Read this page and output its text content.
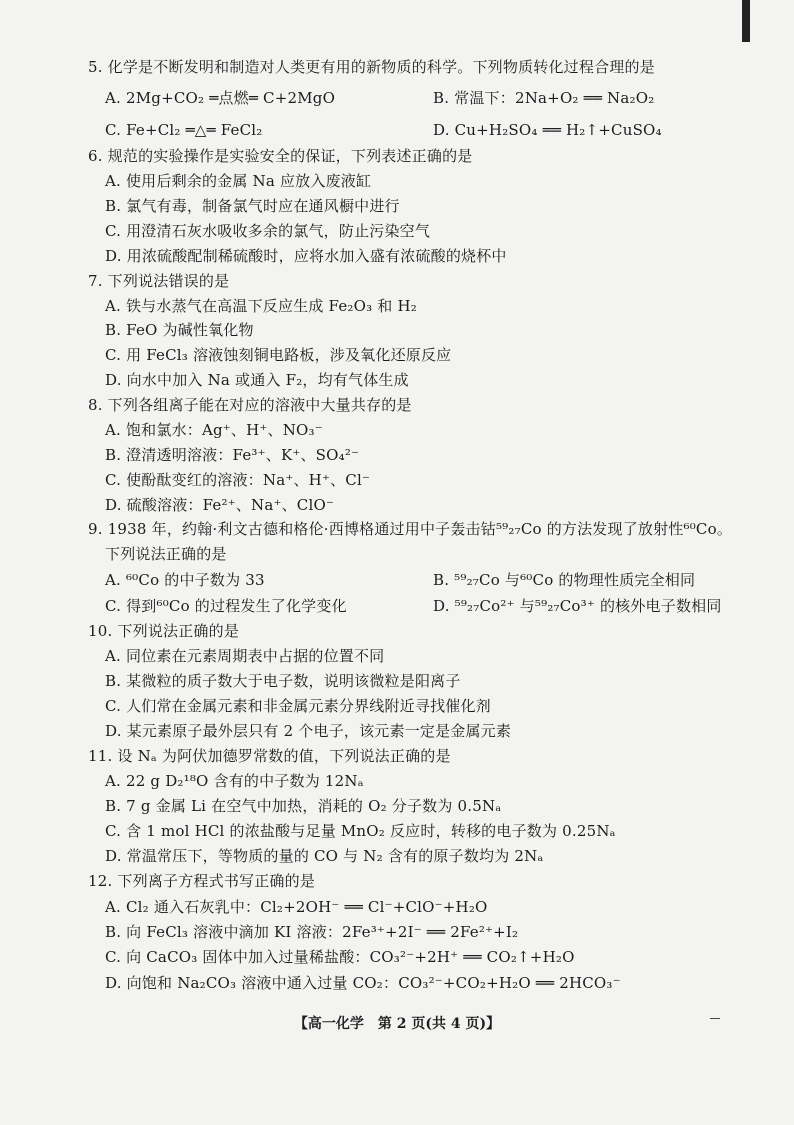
5. 化学是不断发明和制造对人类更有用的新物质的科学。下列物质转化过程合理的是
A. 2Mg+CO₂ ═点燃═ C+2MgO	B. 常温下：2Na+O₂ ══ Na₂O₂
C. Fe+Cl₂ ═△═ FeCl₂	D. Cu+H₂SO₄ ══ H₂↑+CuSO₄
6. 规范的实验操作是实验安全的保证，下列表述正确的是
A. 使用后剩余的金属 Na 应放入废液缸
B. 氯气有毒，制备氯气时应在通风橱中进行
C. 用澄清石灰水吸收多余的氯气，防止污染空气
D. 用浓硫酸配制稀硫酸时，应将水加入盛有浓硫酸的烧杯中
7. 下列说法错误的是
A. 铁与水蒸气在高温下反应生成 Fe₂O₃ 和 H₂
B. FeO 为碱性氧化物
C. 用 FeCl₃ 溶液蚀刻铜电路板，涉及氧化还原反应
D. 向水中加入 Na 或通入 F₂，均有气体生成
8. 下列各组离子能在对应的溶液中大量共存的是
A. 饱和氯水：Ag⁺、H⁺、NO₃⁻
B. 澄清透明溶液：Fe³⁺、K⁺、SO₄²⁻
C. 使酚酞变红的溶液：Na⁺、H⁺、Cl⁻
D. 硫酸溶液：Fe²⁺、Na⁺、ClO⁻
9. 1938 年，约翰·利文古德和格伦·西博格通过用中子轰击钴⁵⁹₂₇Co 的方法发现了放射性⁶⁰Co。
下列说法正确的是
A. ⁶⁰Co 的中子数为 33	B. ⁵⁹₂₇Co 与⁶⁰Co 的物理性质完全相同
C. 得到⁶⁰Co 的过程发生了化学变化	D. ⁵⁹₂₇Co²⁺ 与⁵⁹₂₇Co³⁺ 的核外电子数相同
10. 下列说法正确的是
A. 同位素在元素周期表中占据的位置不同
B. 某微粒的质子数大于电子数，说明该微粒是阳离子
C. 人们常在金属元素和非金属元素分界线附近寻找催化剂
D. 某元素原子最外层只有 2 个电子，该元素一定是金属元素
11. 设 Nₐ 为阿伏加德罗常数的值，下列说法正确的是
A. 22 g D₂¹⁸O 含有的中子数为 12Nₐ
B. 7 g 金属 Li 在空气中加热，消耗的 O₂ 分子数为 0.5Nₐ
C. 含 1 mol HCl 的浓盐酸与足量 MnO₂ 反应时，转移的电子数为 0.25Nₐ
D. 常温常压下，等物质的量的 CO 与 N₂ 含有的原子数均为 2Nₐ
12. 下列离子方程式书写正确的是
A. Cl₂ 通入石灰乳中：Cl₂+2OH⁻ ══ Cl⁻+ClO⁻+H₂O
B. 向 FeCl₃ 溶液中滴加 KI 溶液：2Fe³⁺+2I⁻ ══ 2Fe²⁺+I₂
C. 向 CaCO₃ 固体中加入过量稀盐酸：CO₃²⁻+2H⁺ ══ CO₂↑+H₂O
D. 向饱和 Na₂CO₃ 溶液中通入过量 CO₂：CO₃²⁻+CO₂+H₂O ══ 2HCO₃⁻
【高一化学　第 2 页(共 4 页)】
